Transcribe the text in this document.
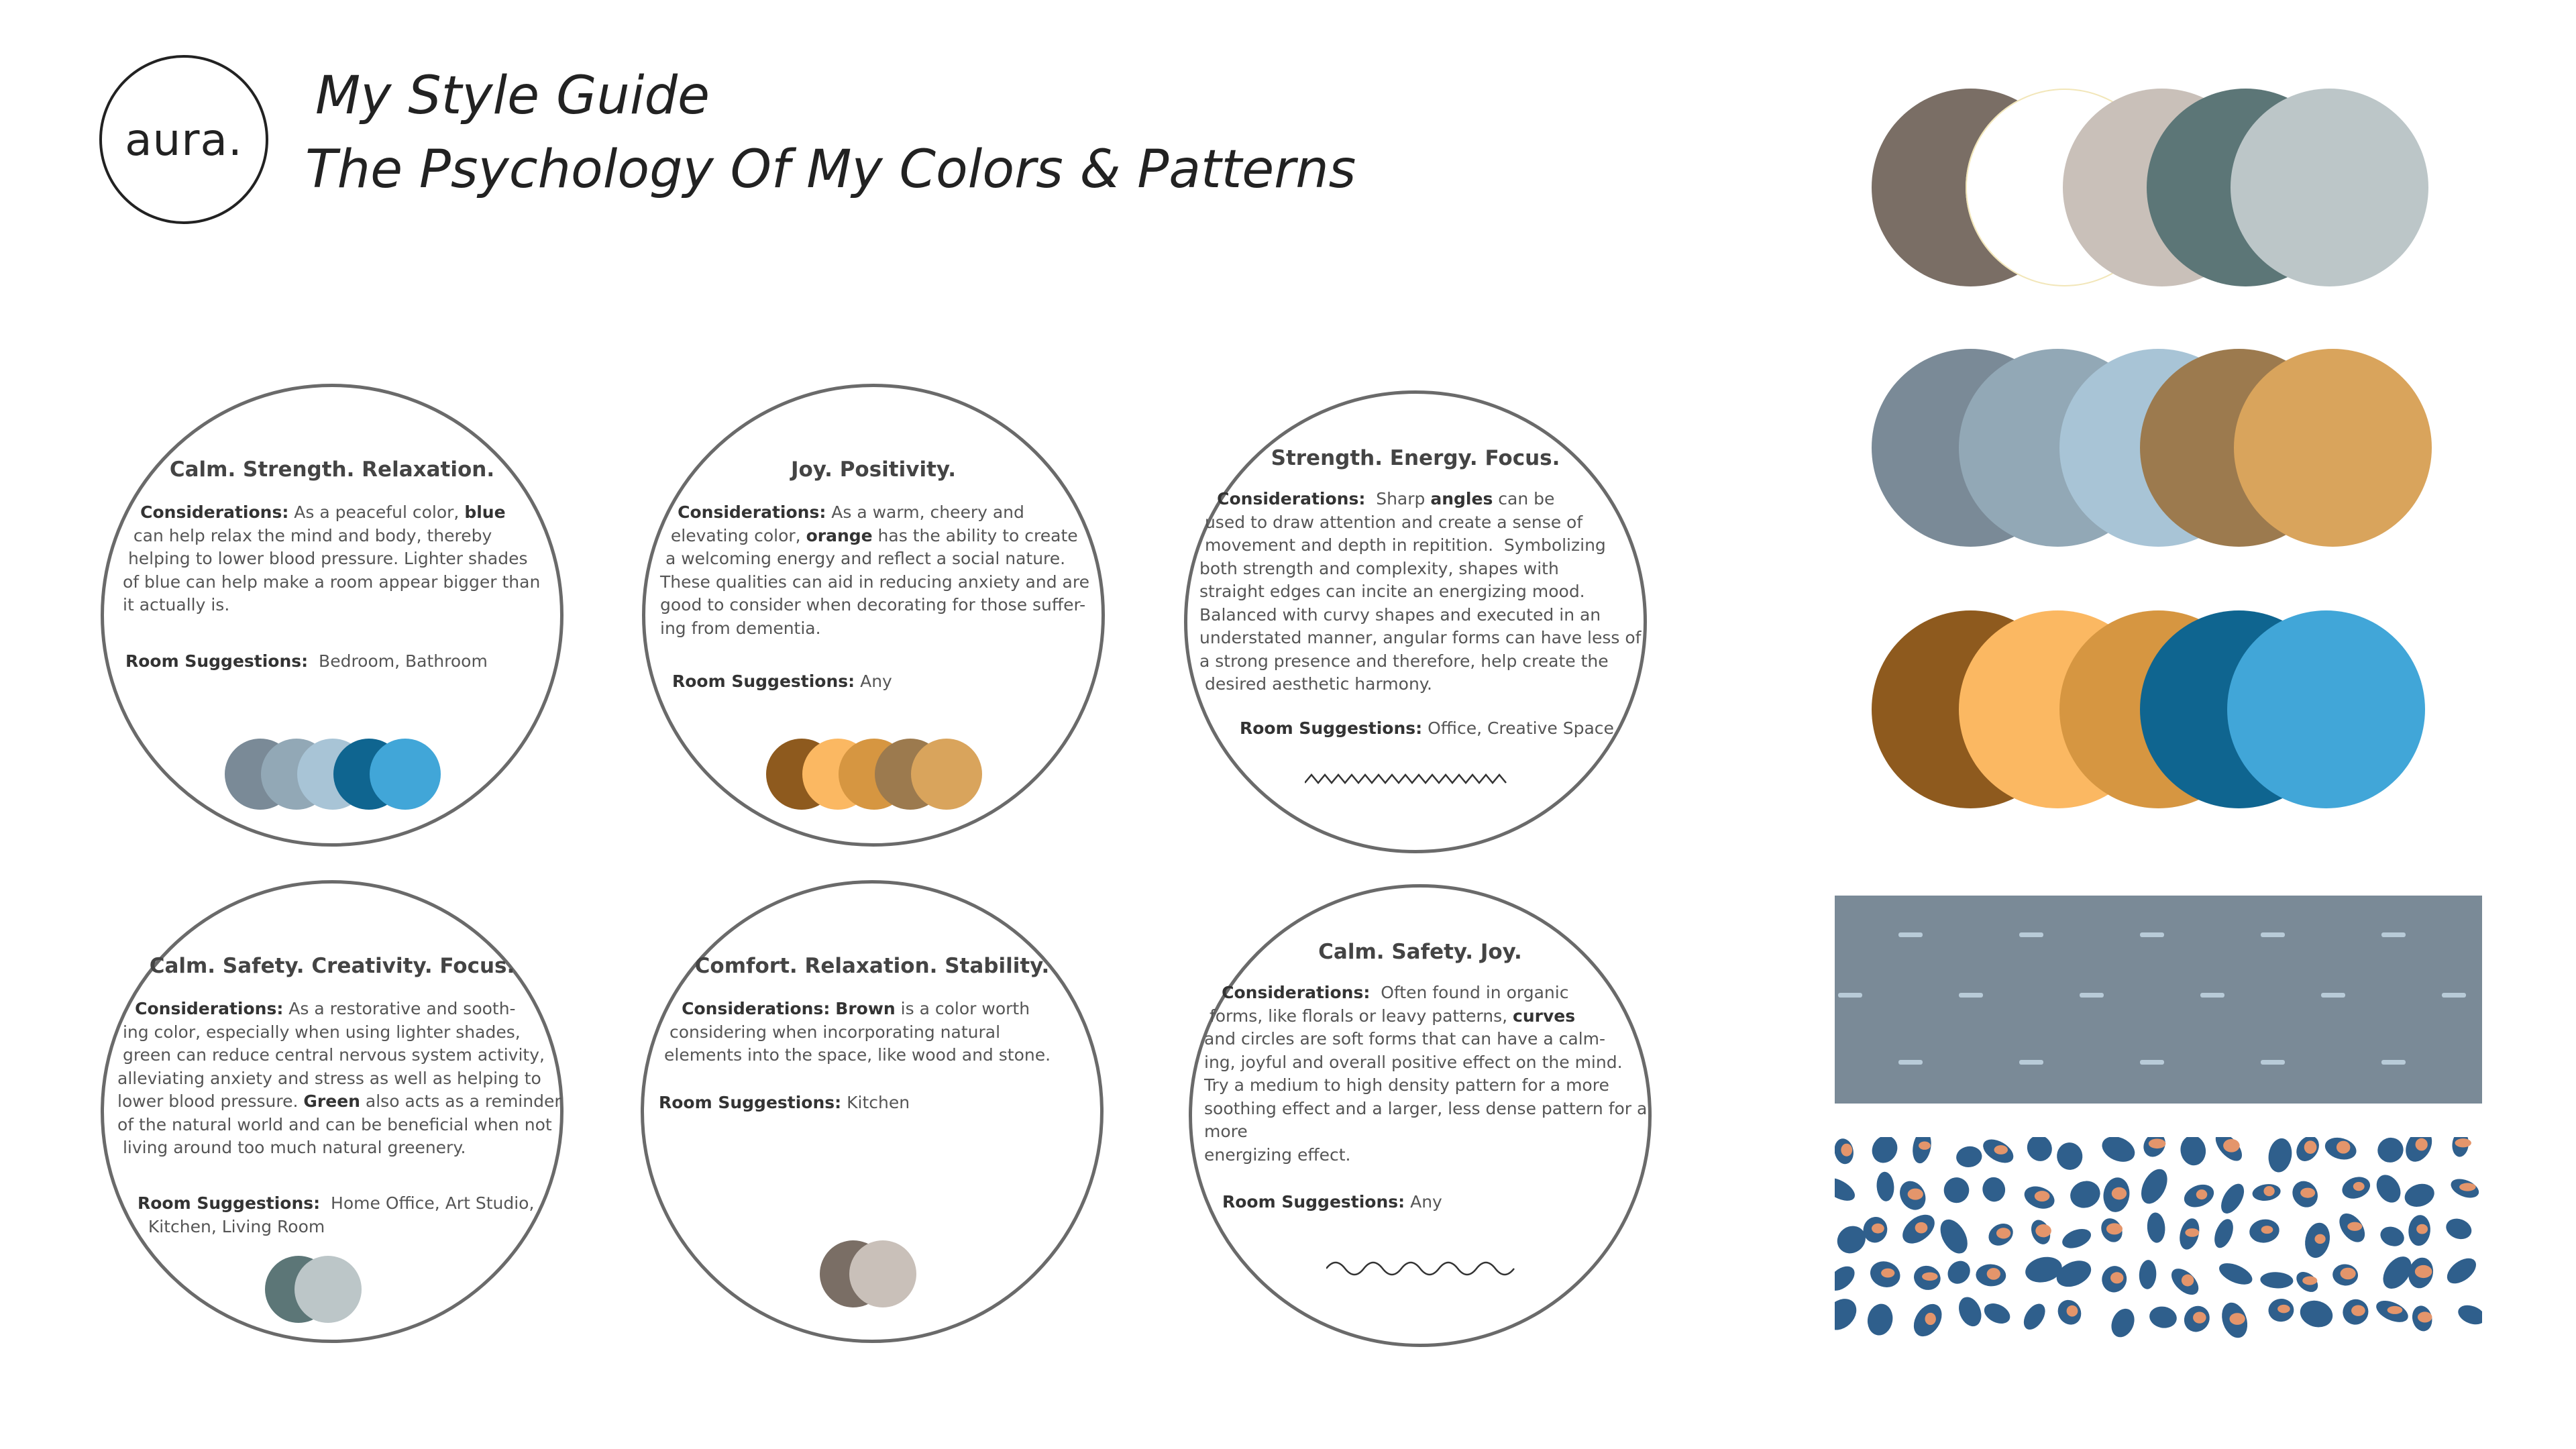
aura.
My Style Guide
The Psychology Of My Colors & Patterns
Calm. Strength. Relaxation.
Considerations: As a peaceful color, blue
can help relax the mind and body, thereby
helping to lower blood pressure. Lighter shades
of blue can help make a room appear bigger than
it actually is.
Room Suggestions:  Bedroom, Bathroom
Joy. Positivity.
Considerations: As a warm, cheery and
elevating color, orange has the ability to create
a welcoming energy and reflect a social nature.
These qualities can aid in reducing anxiety and are
good to consider when decorating for those suffer-
ing from dementia.
Room Suggestions: Any
Strength. Energy. Focus.
Considerations:  Sharp angles can be
used to draw attention and create a sense of
movement and depth in repitition.  Symbolizing
both strength and complexity, shapes with
straight edges can incite an energizing mood.
Balanced with curvy shapes and executed in an
understated manner, angular forms can have less of
a strong presence and therefore, help create the
desired aesthetic harmony.
Room Suggestions: Office, Creative Space
Calm. Safety. Creativity. Focus.
Considerations: As a restorative and sooth-
ing color, especially when using lighter shades,
green can reduce central nervous system activity,
alleviating anxiety and stress as well as helping to
lower blood pressure. Green also acts as a reminder
of the natural world and can be beneficial when not
living around too much natural greenery.
Room Suggestions:  Home Office, Art Studio,
Kitchen, Living Room
Comfort. Relaxation. Stability.
Considerations: Brown is a color worth
considering when incorporating natural
elements into the space, like wood and stone.
Room Suggestions: Kitchen
Calm. Safety. Joy.
Considerations:  Often found in organic
forms, like florals or leavy patterns, curves
and circles are soft forms that can have a calm-
ing, joyful and overall positive effect on the mind.
Try a medium to high density pattern for a more
soothing effect and a larger, less dense pattern for a
more
energizing effect.
Room Suggestions: Any
